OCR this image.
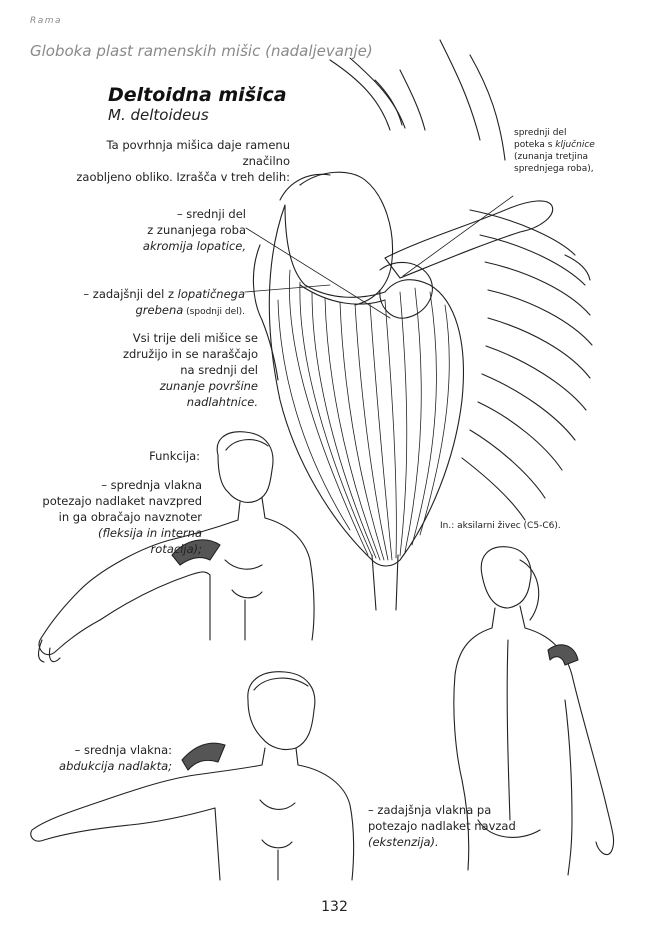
Rama
Globoka plast ramenskih mišic (nadaljevanje)
Deltoidna mišica
M. deltoideus
Ta povrhnja mišica daje ramenu značilno
zaobljeno obliko. Izrašča v treh delih:
sprednji del
poteka s ključnice
(zunanja tretjina
sprednjega roba),
– srednji del
z zunanjega roba
akromija lopatice,
– zadajšnji del z lopatičnega
grebena (spodnji del).
Vsi trije deli mišice se
združijo in se naraščajo
na srednji del
zunanje površine
nadlahtnice.
Funkcija:
– sprednja vlakna
potezajo nadlaket navzpred
in ga obračajo navznoter
(fleksija in interna
rotacija);
In.: aksilarni živec (C5-C6).
– srednja vlakna:
abdukcija nadlakta;
– zadajšnja vlakna pa
potezajo nadlaket navzad
(ekstenzija).
132
